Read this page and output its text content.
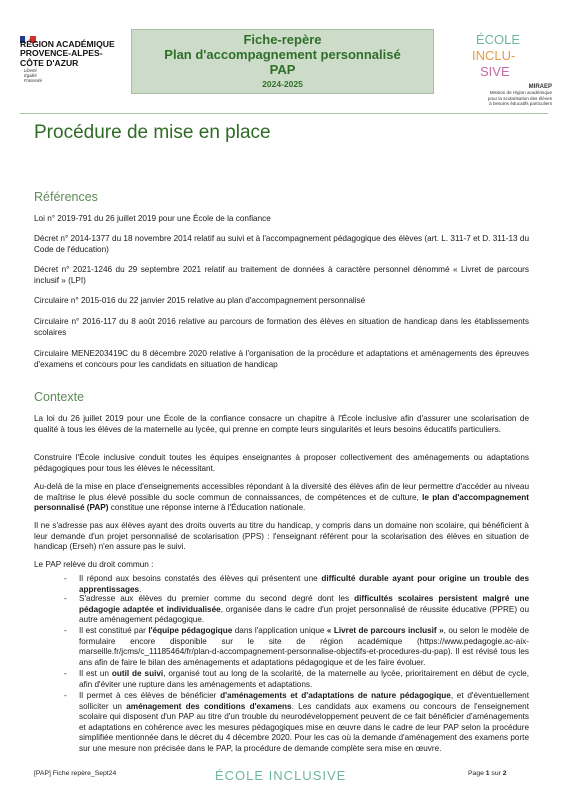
RÉGION ACADÉMIQUE
PROVENCE-ALPES-
CÔTE D'AZUR
Liberté
Égalité
Fraternité
Fiche-repère
Plan d'accompagnement personnalisé
PAP
2024-2025
ÉCOLE
INCLU-
SIVE
MIRAEP
Mission de région académique
pour la scolarisation des élèves
à besoins éducatifs particuliers
Procédure de mise en place
Références
Loi n° 2019-791 du 26 juillet 2019 pour une École de la confiance
Décret n° 2014-1377 du 18 novembre 2014 relatif au suivi et à l'accompagnement pédagogique des élèves (art. L. 311-7 et D. 311-13 du Code de l'éducation)
Décret n° 2021-1246 du 29 septembre 2021 relatif au traitement de données à caractère personnel dénommé « Livret de parcours inclusif » (LPI)
Circulaire n° 2015-016 du 22 janvier 2015 relative au plan d'accompagnement personnalisé
Circulaire n° 2016-117 du 8 août 2016 relative au parcours de formation des élèves en situation de handicap dans les établissements scolaires
Circulaire MENE203419C du 8 décembre 2020 relative à l'organisation de la procédure et adaptations et aménagements des épreuves d'examens et concours pour les candidats en situation de handicap
Contexte
La loi du 26 juillet 2019 pour une École de la confiance consacre un chapitre à l'École inclusive afin d'assurer une scolarisation de qualité à tous les élèves de la maternelle au lycée, qui prenne en compte leurs singularités et leurs besoins éducatifs particuliers.
Construire l'École inclusive conduit toutes les équipes enseignantes à proposer collectivement des aménagements ou adaptations pédagogiques pour tous les élèves le nécessitant.
Au-delà de la mise en place d'enseignements accessibles répondant à la diversité des élèves afin de leur permettre d'accéder au niveau de maîtrise le plus élevé possible du socle commun de connaissances, de compétences et de culture, le plan d'accompagnement personnalisé (PAP) constitue une réponse interne à l'Éducation nationale.
Il ne s'adresse pas aux élèves ayant des droits ouverts au titre du handicap, y compris dans un domaine non scolaire, qui bénéficient à leur demande d'un projet personnalisé de scolarisation (PPS) : l'enseignant référent pour la scolarisation des élèves en situation de handicap (Erseh) n'en assure pas le suivi.
Le PAP relève du droit commun :
- Il répond aux besoins constatés des élèves qui présentent une difficulté durable ayant pour origine un trouble des apprentissages.
- S'adresse aux élèves du premier comme du second degré dont les difficultés scolaires persistent malgré une pédagogie adaptée et individualisée, organisée dans le cadre d'un projet personnalisé de réussite éducative (PPRE) ou autre aménagement pédagogique.
- Il est constitué par l'équipe pédagogique dans l'application unique « Livret de parcours inclusif », ou selon le modèle de formulaire encore disponible sur le site de région académique (https://www.pedagogie.ac-aix-marseille.fr/jcms/c_11185464/fr/plan-d-accompagnement-personnalise-objectifs-et-procedures-du-pap). Il est révisé tous les ans afin de faire le bilan des aménagements et adaptations pédagogique et de les faire évoluer.
- Il est un outil de suivi, organisé tout au long de la scolarité, de la maternelle au lycée, prioritairement en début de cycle, afin d'éviter une rupture dans les aménagements et adaptations.
- Il permet à ces élèves de bénéficier d'aménagements et d'adaptations de nature pédagogique, et d'éventuellement solliciter un aménagement des conditions d'examens. Les candidats aux examens ou concours de l'enseignement scolaire qui disposent d'un PAP au titre d'un trouble du neurodéveloppement peuvent de ce fait bénéficier d'aménagements et adaptations en cohérence avec les mesures pédagogiques mise en œuvre dans le cadre de leur PAP selon la procédure simplifiée mentionnée dans le décret du 4 décembre 2020. Pour les cas où la demande d'aménagement des examens porte sur une mesure non précisée dans le PAP, la procédure de demande complète sera mise en œuvre.
[PAP] Fiche repère_Sept24	ÉCOLE INCLUSIVE	Page 1 sur 2
